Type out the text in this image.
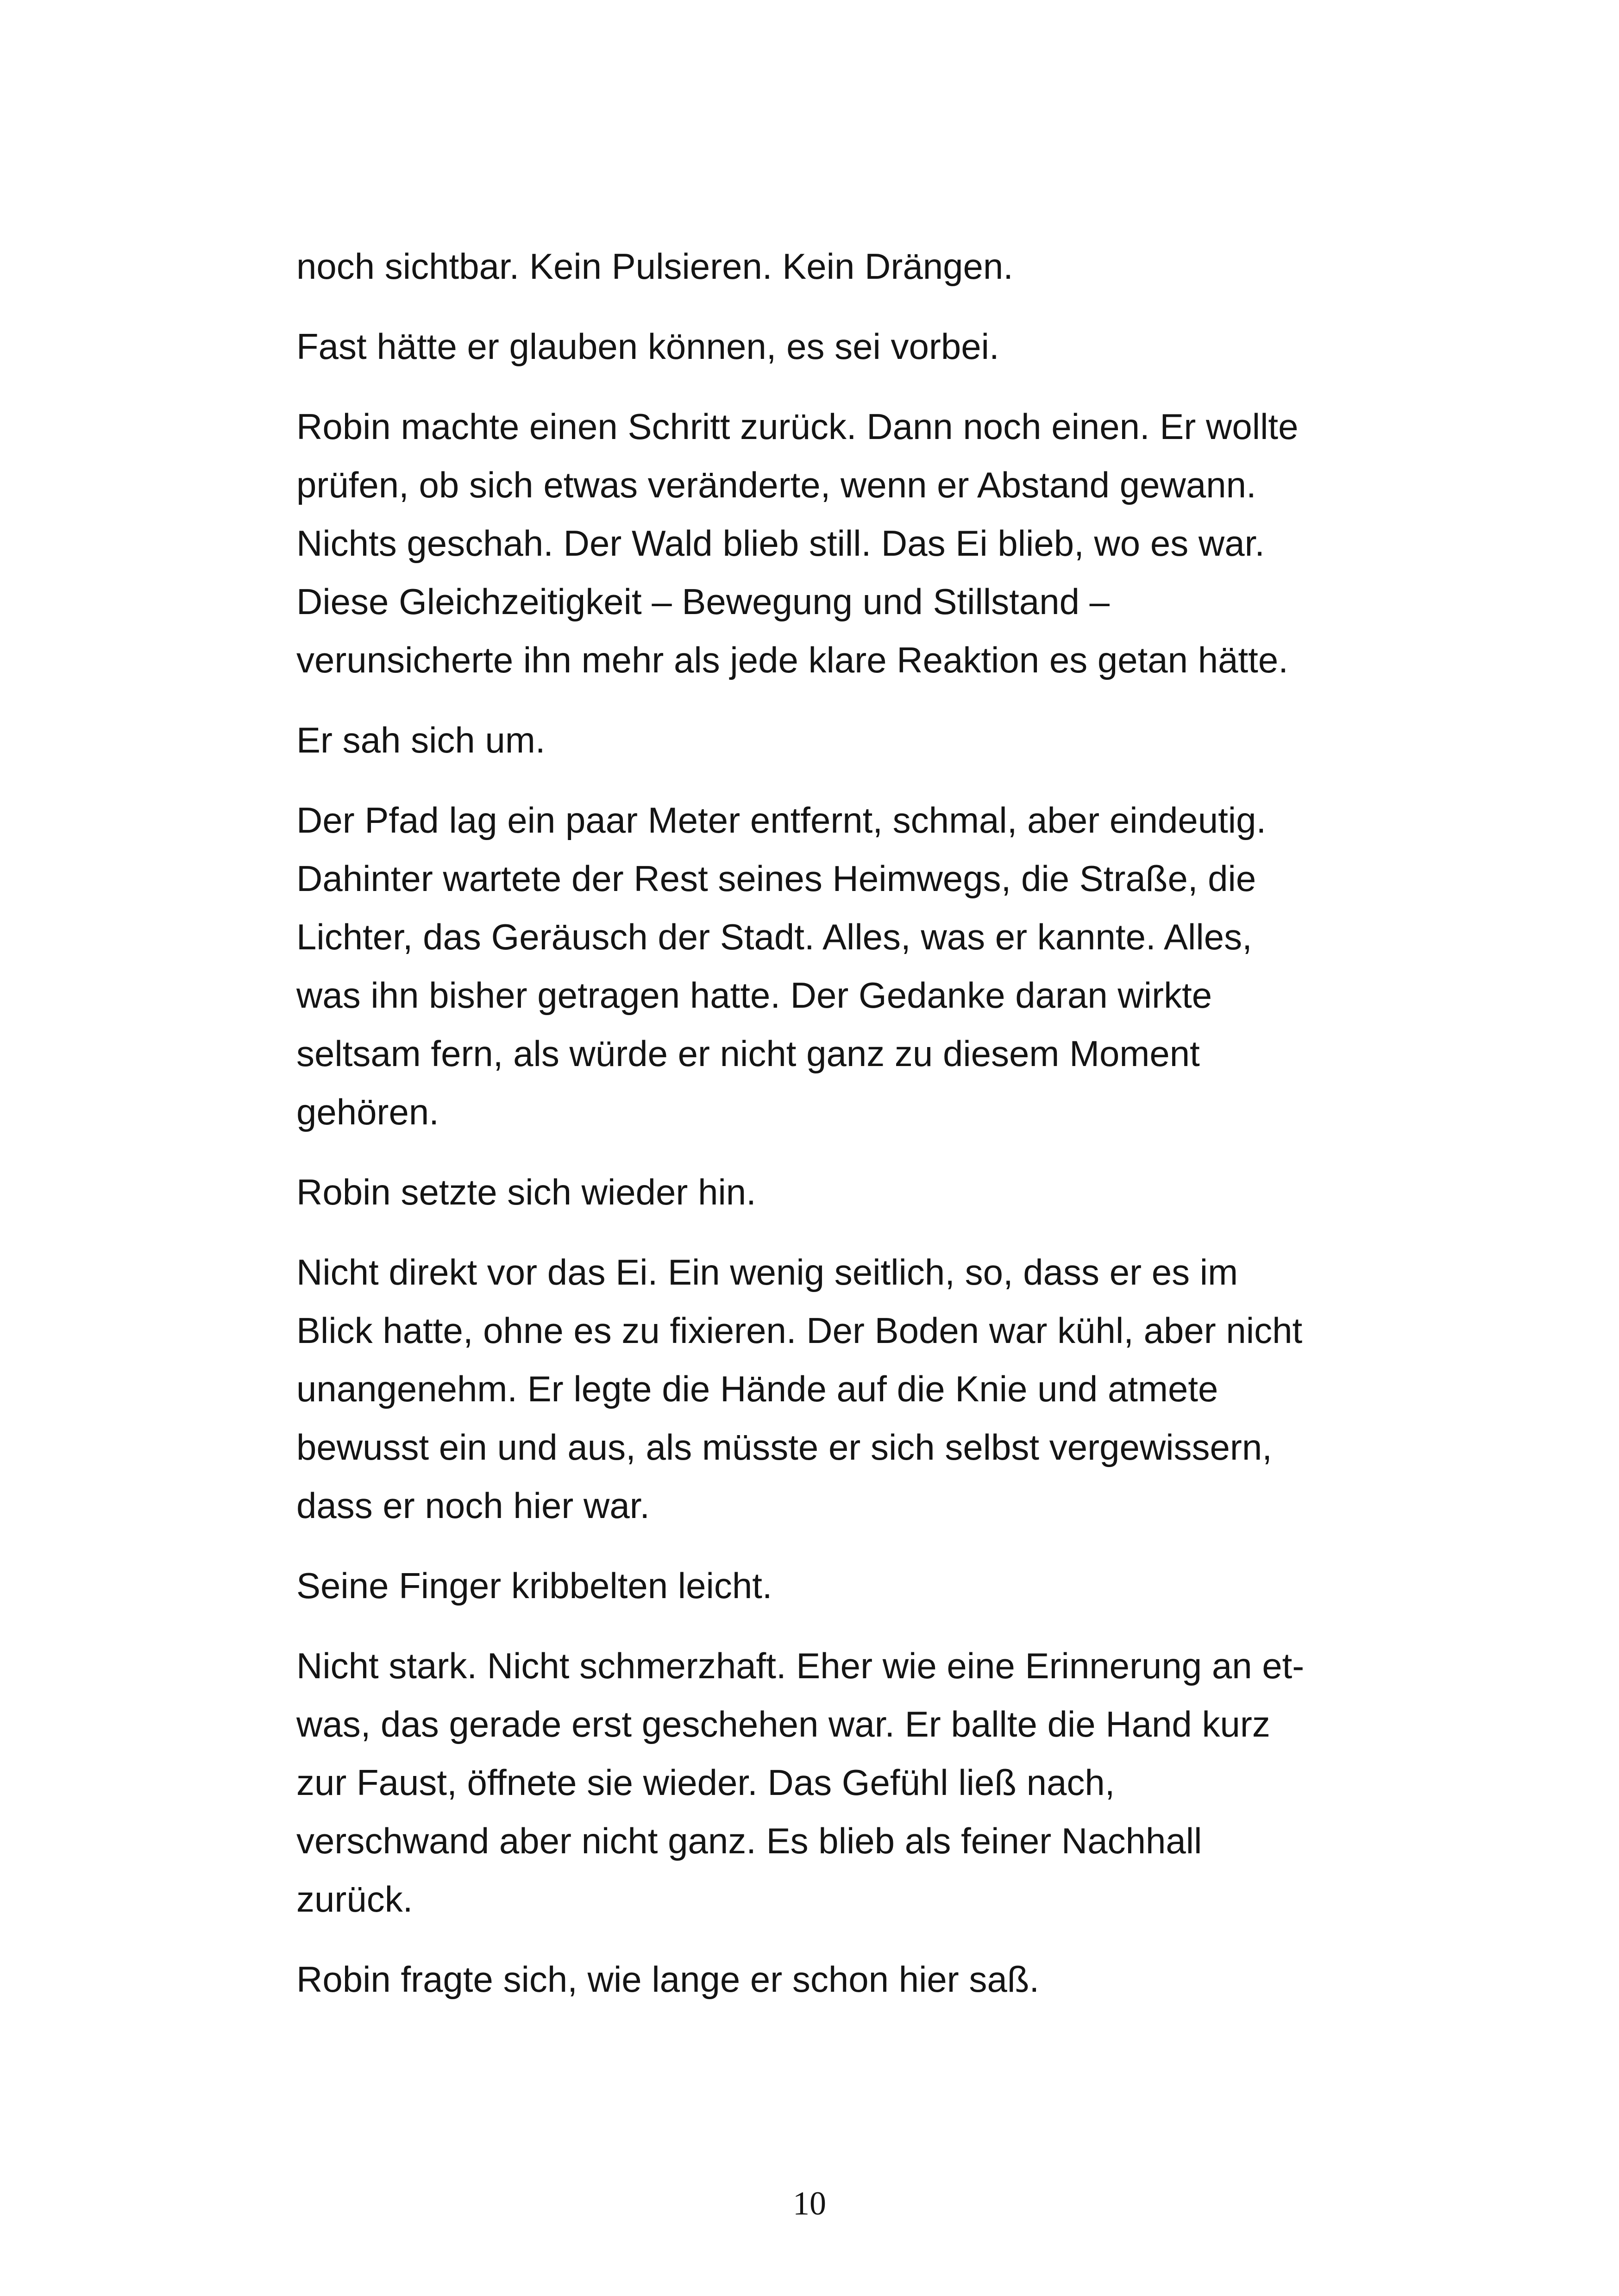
noch sichtbar. Kein Pulsieren. Kein Drängen.

Fast hätte er glauben können, es sei vorbei.

Robin machte einen Schritt zurück. Dann noch einen. Er wollte
prüfen, ob sich etwas veränderte, wenn er Abstand gewann.
Nichts geschah. Der Wald blieb still. Das Ei blieb, wo es war.
Diese Gleichzeitigkeit – Bewegung und Stillstand –
verunsicherte ihn mehr als jede klare Reaktion es getan hätte.

Er sah sich um.

Der Pfad lag ein paar Meter entfernt, schmal, aber eindeutig.
Dahinter wartete der Rest seines Heimwegs, die Straße, die
Lichter, das Geräusch der Stadt. Alles, was er kannte. Alles,
was ihn bisher getragen hatte. Der Gedanke daran wirkte
seltsam fern, als würde er nicht ganz zu diesem Moment
gehören.

Robin setzte sich wieder hin.

Nicht direkt vor das Ei. Ein wenig seitlich, so, dass er es im
Blick hatte, ohne es zu fixieren. Der Boden war kühl, aber nicht
unangenehm. Er legte die Hände auf die Knie und atmete
bewusst ein und aus, als müsste er sich selbst vergewissern,
dass er noch hier war.

Seine Finger kribbelten leicht.

Nicht stark. Nicht schmerzhaft. Eher wie eine Erinnerung an et-
was, das gerade erst geschehen war. Er ballte die Hand kurz
zur Faust, öffnete sie wieder. Das Gefühl ließ nach,
verschwand aber nicht ganz. Es blieb als feiner Nachhall
zurück.

Robin fragte sich, wie lange er schon hier saß.

10
